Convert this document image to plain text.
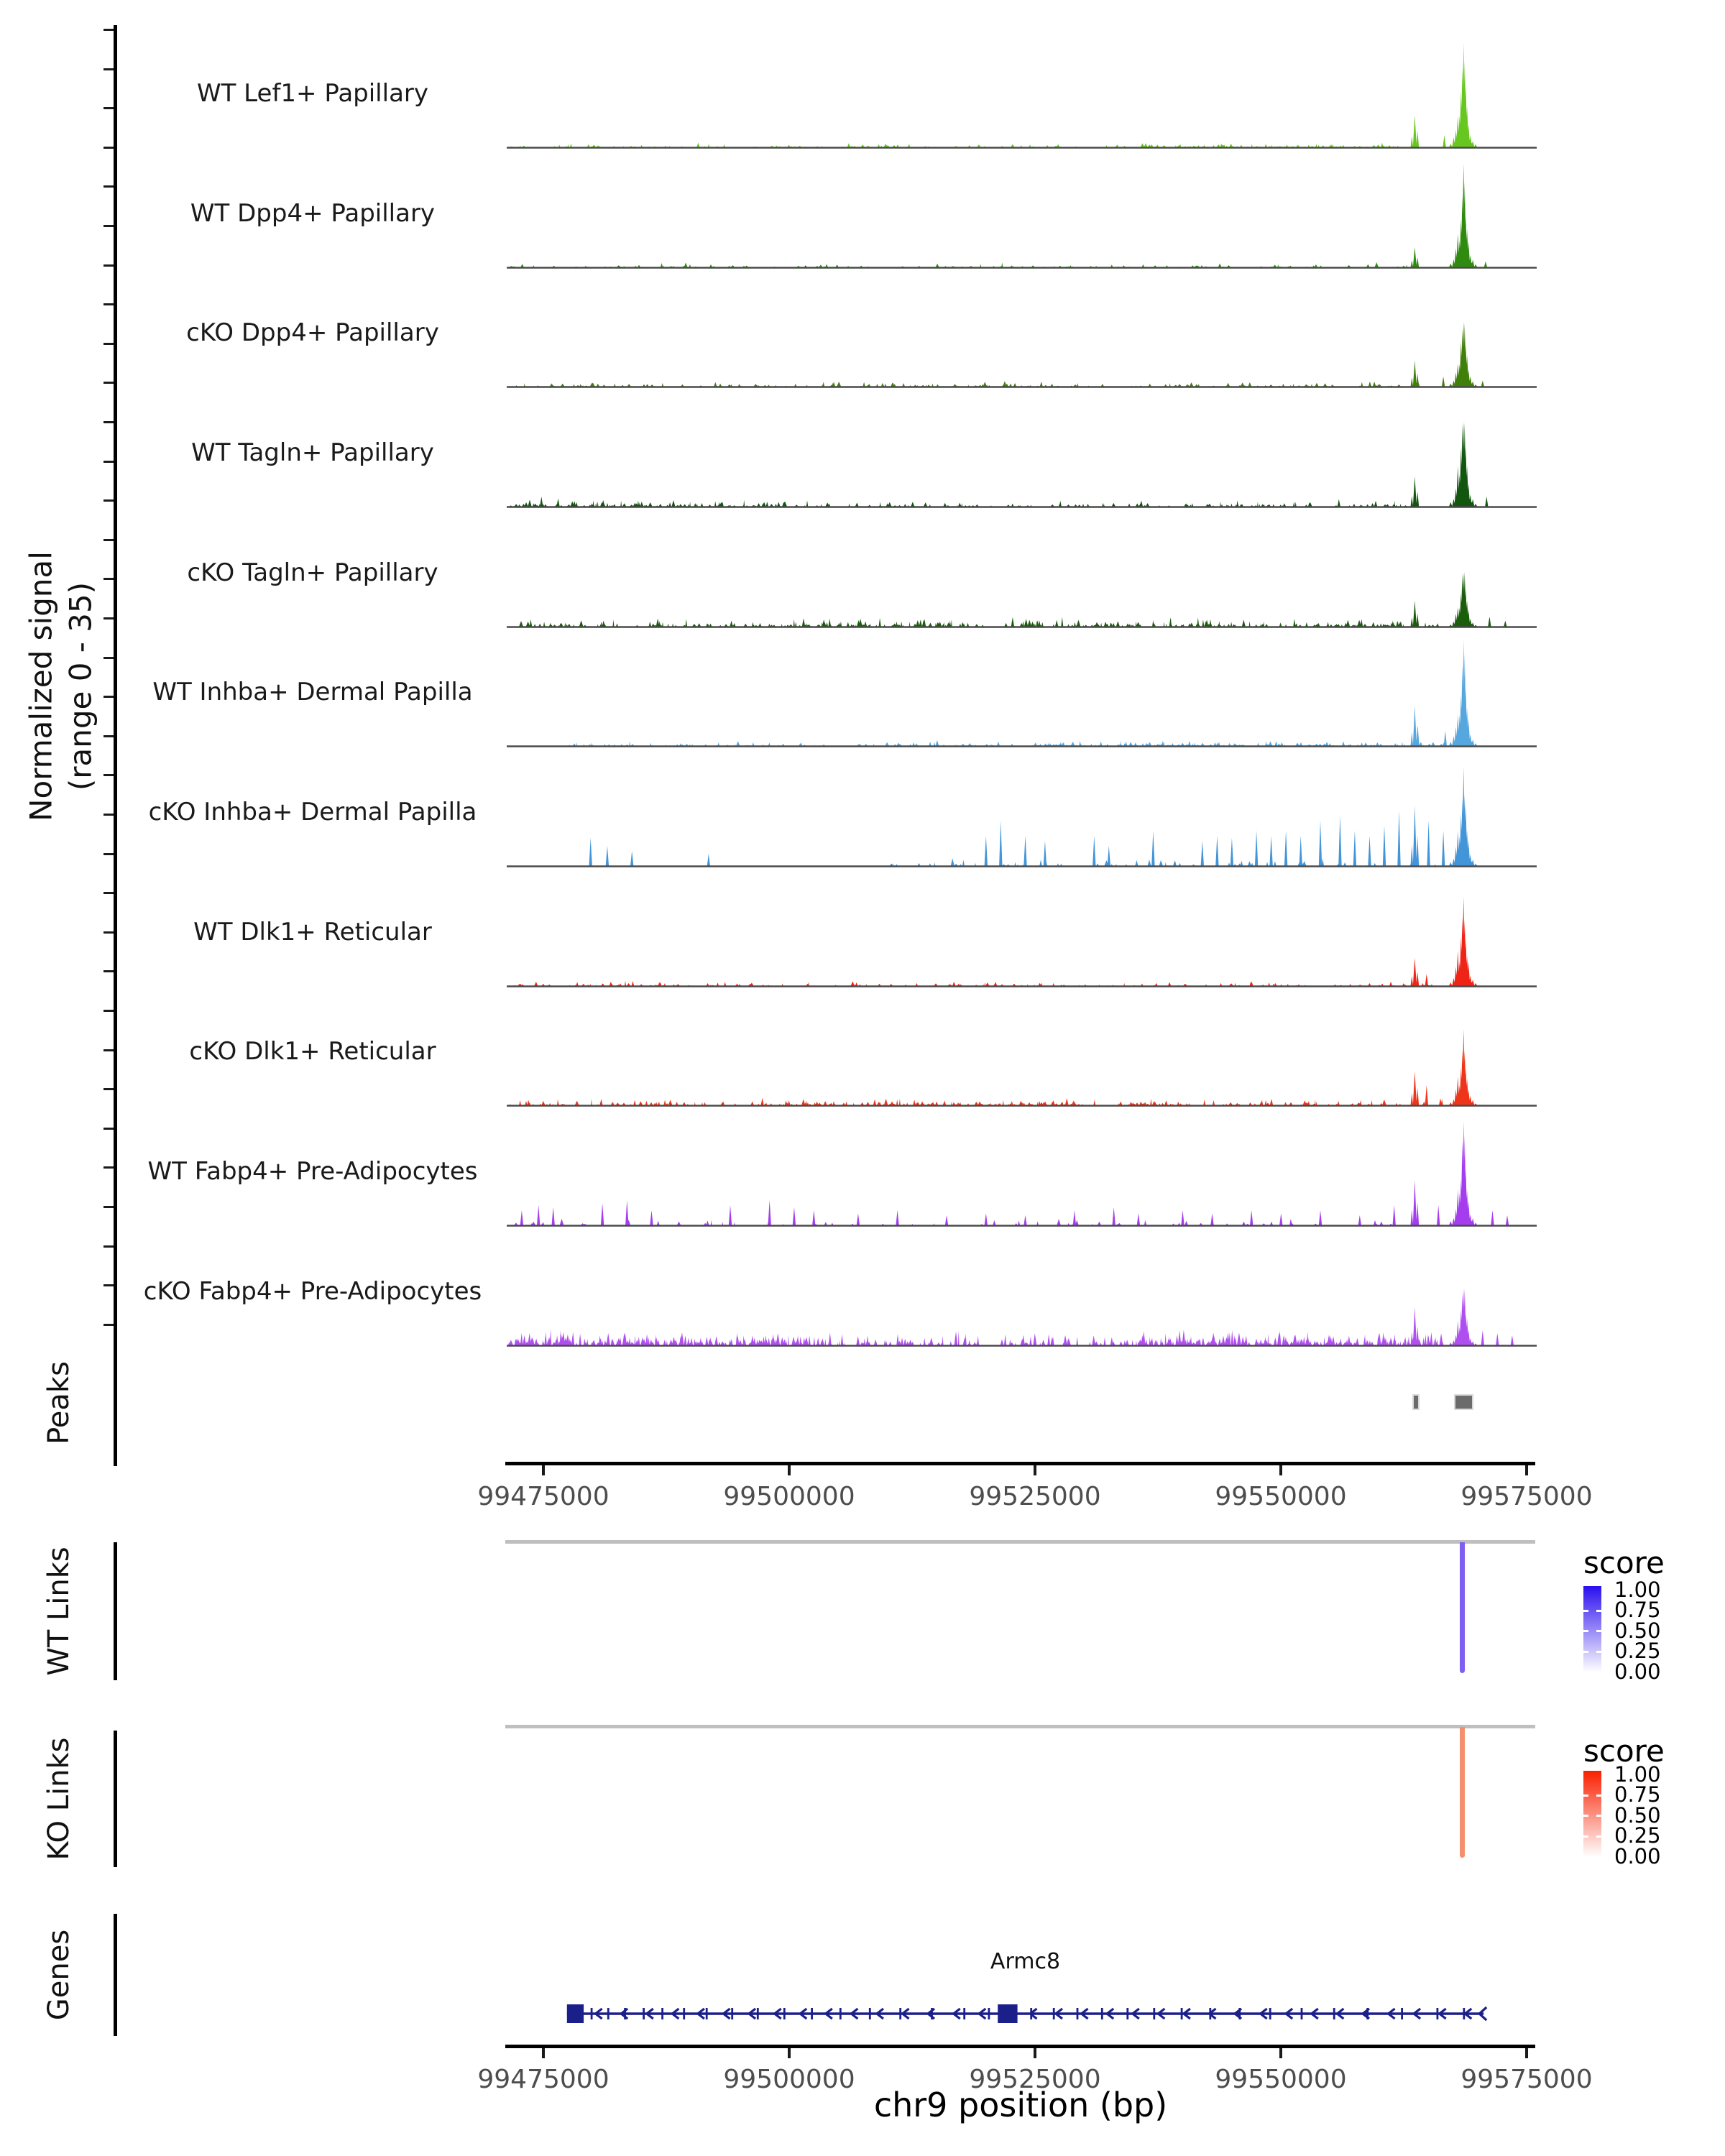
Normalized signal (range 0 - 35)
WT Lef1+ Papillary
WT Dpp4+ Papillary
cKO Dpp4+ Papillary
WT Tagln+ Papillary
cKO Tagln+ Papillary
WT Inhba+ Dermal Papilla
cKO Inhba+ Dermal Papilla
WT Dlk1+ Reticular
cKO Dlk1+ Reticular
WT Fabp4+ Pre-Adipocytes
cKO Fabp4+ Pre-Adipocytes
Peaks
99475000	99500000	99525000	99550000	99575000
WT Links	score
1.00
0.75
0.50
0.25
0.00
KO Links	score
1.00
0.75
0.50
0.25
0.00
Genes	Armc8
99475000	99500000	99525000	99550000	99575000
chr9 position (bp)
